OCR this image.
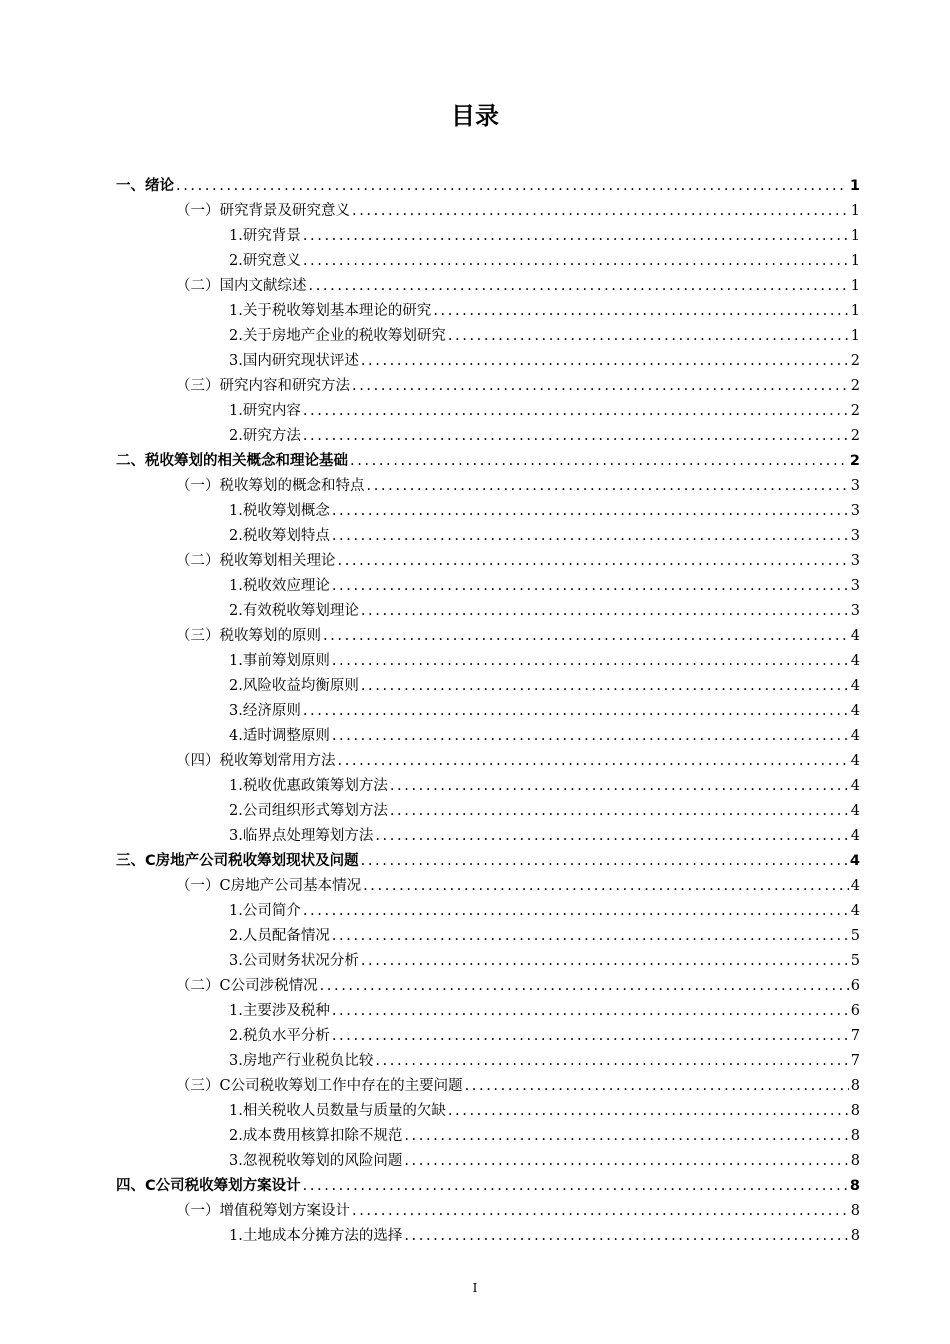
目录
一、绪论 .....	1
（一）研究背景及研究意义 .....	1
1.研究背景 .....	1
2.研究意义 .....	1
（二）国内文献综述 .....	1
1.关于税收筹划基本理论的研究 .....	1
2.关于房地产企业的税收筹划研究 .....	1
3.国内研究现状评述 .....	2
（三）研究内容和研究方法 .....	2
1.研究内容 .....	2
2.研究方法 .....	2
二、税收筹划的相关概念和理论基础 .....	2
（一）税收筹划的概念和特点 .....	3
1.税收筹划概念 .....	3
2.税收筹划特点 .....	3
（二）税收筹划相关理论 .....	3
1.税收效应理论 .....	3
2.有效税收筹划理论 .....	3
（三）税收筹划的原则 .....	4
1.事前筹划原则 .....	4
2.风险收益均衡原则 .....	4
3.经济原则 .....	4
4.适时调整原则 .....	4
（四）税收筹划常用方法 .....	4
1.税收优惠政策筹划方法 .....	4
2.公司组织形式筹划方法 .....	4
3.临界点处理筹划方法 .....	4
三、C房地产公司税收筹划现状及问题 .....	4
（一）C房地产公司基本情况 .....	4
1.公司简介 .....	4
2.人员配备情况 .....	5
3.公司财务状况分析 .....	5
（二）C公司涉税情况 .....	6
1.主要涉及税种 .....	6
2.税负水平分析 .....	7
3.房地产行业税负比较 .....	7
（三）C公司税收筹划工作中存在的主要问题 .....	8
1.相关税收人员数量与质量的欠缺 .....	8
2.成本费用核算扣除不规范 .....	8
3.忽视税收筹划的风险问题 .....	8
四、C公司税收筹划方案设计 .....	8
（一）增值税筹划方案设计 .....	8
1.土地成本分摊方法的选择 .....	8
I
